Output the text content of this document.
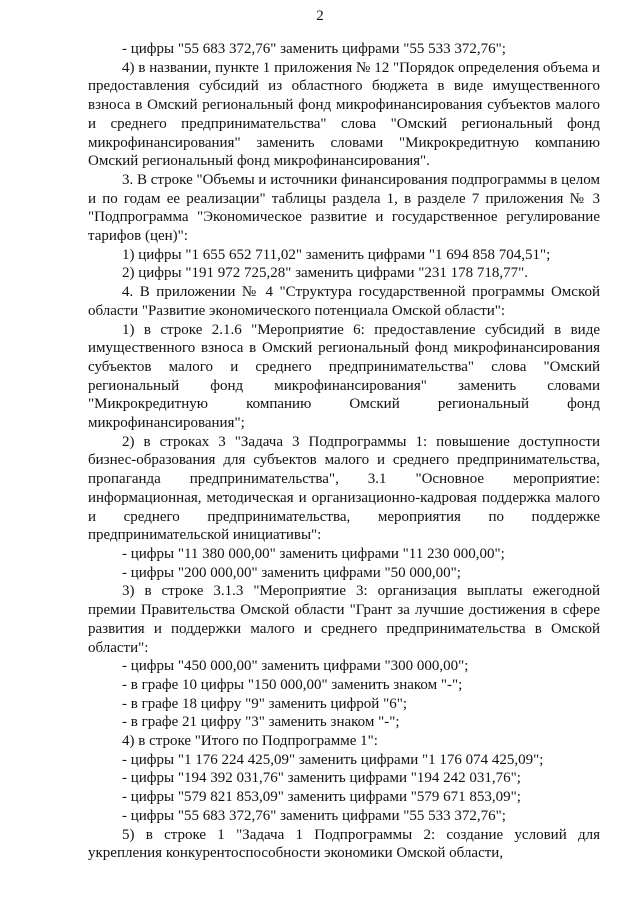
2

- цифры "55 683 372,76" заменить цифрами "55 533 372,76";

4) в названии, пункте 1 приложения № 12 "Порядок определения объема и предоставления субсидий из областного бюджета в виде имущественного взноса в Омский региональный фонд микрофинансирования субъектов малого и среднего предпринимательства" слова "Омский региональный фонд микрофинансирования" заменить словами "Микрокредитную компанию Омский региональный фонд микрофинансирования".

3. В строке "Объемы и источники финансирования подпрограммы в целом и по годам ее реализации" таблицы раздела 1, в разделе 7 приложения № 3 "Подпрограмма "Экономическое развитие и государственное регулирование тарифов (цен)":

1) цифры "1 655 652 711,02" заменить цифрами "1 694 858 704,51";

2) цифры "191 972 725,28" заменить цифрами "231 178 718,77".

4. В приложении № 4 "Структура государственной программы Омской области "Развитие экономического потенциала Омской области":

1) в строке 2.1.6 "Мероприятие 6: предоставление субсидий в виде имущественного взноса в Омский региональный фонд микрофинансирования субъектов малого и среднего предпринимательства" слова "Омский региональный фонд микрофинансирования" заменить словами "Микрокредитную компанию Омский региональный фонд микрофинансирования";

2) в строках 3 "Задача 3 Подпрограммы 1: повышение доступности бизнес-образования для субъектов малого и среднего предпринимательства, пропаганда предпринимательства", 3.1 "Основное мероприятие: информационная, методическая и организационно-кадровая поддержка малого и среднего предпринимательства, мероприятия по поддержке предпринимательской инициативы":

- цифры "11 380 000,00" заменить цифрами "11 230 000,00";

- цифры "200 000,00" заменить цифрами "50 000,00";

3) в строке 3.1.3 "Мероприятие 3: организация выплаты ежегодной премии Правительства Омской области "Грант за лучшие достижения в сфере развития и поддержки малого и среднего предпринимательства в Омской области":

- цифры "450 000,00" заменить цифрами "300 000,00";

- в графе 10 цифры "150 000,00" заменить знаком "-";

- в графе 18 цифру "9" заменить цифрой "6";

- в графе 21 цифру "3" заменить знаком "-";

4) в строке "Итого по Подпрограмме 1":

- цифры "1 176 224 425,09" заменить цифрами "1 176 074 425,09";

- цифры "194 392 031,76" заменить цифрами "194 242 031,76";

- цифры "579 821 853,09" заменить цифрами "579 671 853,09";

- цифры "55 683 372,76" заменить цифрами "55 533 372,76";

5) в строке 1 "Задача 1 Подпрограммы 2: создание условий для укрепления конкурентоспособности экономики Омской области,
